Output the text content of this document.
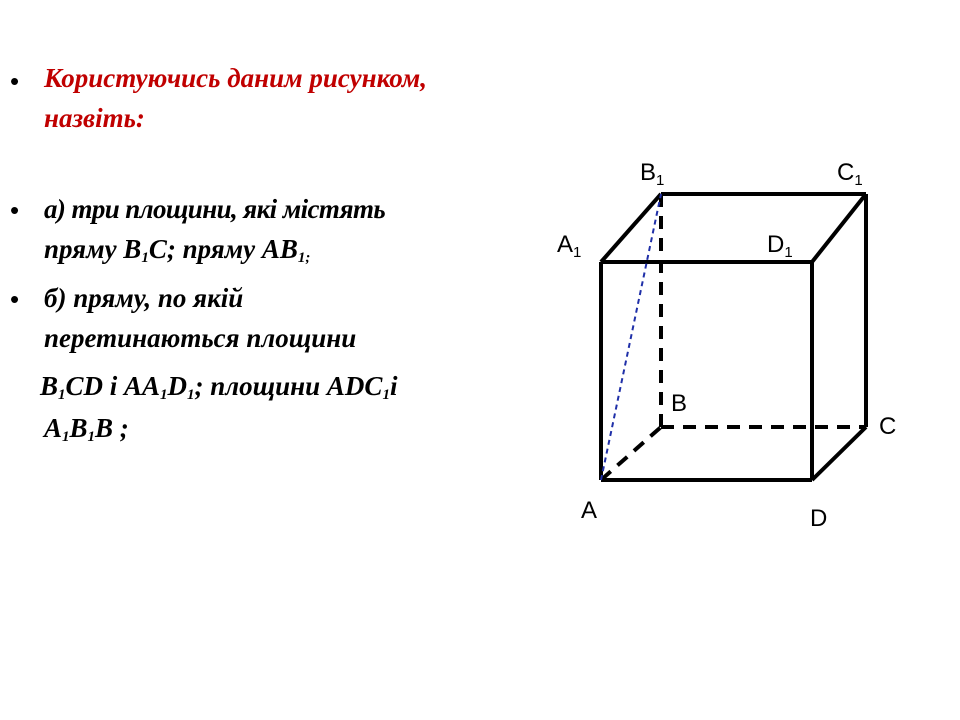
• Користуючись даним рисунком,
назвіть:
• а) три площини, які містять
пряму $B_1C$; пряму $AB_{1;}$
• б) пряму, по якій
перетинаються площини
$B_1CD$ і $AA_1D_1$; площини $ADC_1і$
$A_1B_1B$ ;
$B_1$	$C_1$
$A_1$	$D_1$
B
C
A	D
